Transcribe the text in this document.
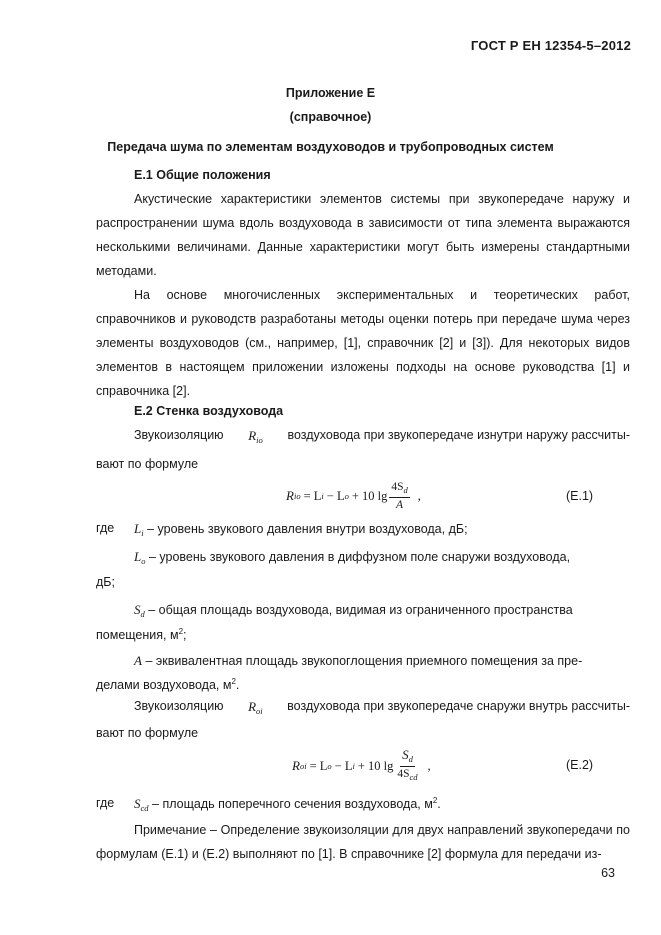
ГОСТ Р ЕН 12354-5–2012
Приложение Е
(справочное)
Передача шума по элементам воздуховодов и трубопроводных систем
Е.1 Общие положения
Акустические характеристики элементов системы при звукопередаче наружу и распространении шума вдоль воздуховода в зависимости от типа элемента выражаются несколькими величинами. Данные характеристики могут быть измерены стандартными методами.
На основе многочисленных экспериментальных и теоретических работ, справочников и руководств разработаны методы оценки потерь при передаче шума через элементы воздуховодов (см., например, [1], справочник [2] и [3]). Для некоторых видов элементов в настоящем приложении изложены подходы на основе руководства [1] и справочника [2].
Е.2 Стенка воздуховода
Звукоизоляцию $R_{io}$ воздуховода при звукопередаче изнутри наружу рассчиты-
вают по формуле
R io = L i − L o + 10 $\lg \frac{4S_d}{A}$ ,	(Е.1)
где $L_i$ – уровень звукового давления внутри воздуховода, дБ;
$L_o$ – уровень звукового давления в диффузном поле снаружи воздуховода,
дБ;
$S_d$ – общая площадь воздуховода, видимая из ограниченного пространства
помещения, $м^2$;
A – эквивалентная площадь звукопоглощения приемного помещения за пре-
делами воздуховода, $м^2$.
Звукоизоляцию $R_{oi}$ воздуховода при звукопередаче снаружи внутрь рассчиты-
вают по формуле
R oi = L o − L i + 10 $\lg \frac{S_d}{4S_{cd}}$ ,	(Е.2)
где $S_{cd}$ – площадь поперечного сечения воздуховода, $м^2$.
Примечание – Определение звукоизоляции для двух направлений звукопередачи по формулам (Е.1) и (Е.2) выполняют по [1]. В справочнике [2] формула для передачи из-
63
